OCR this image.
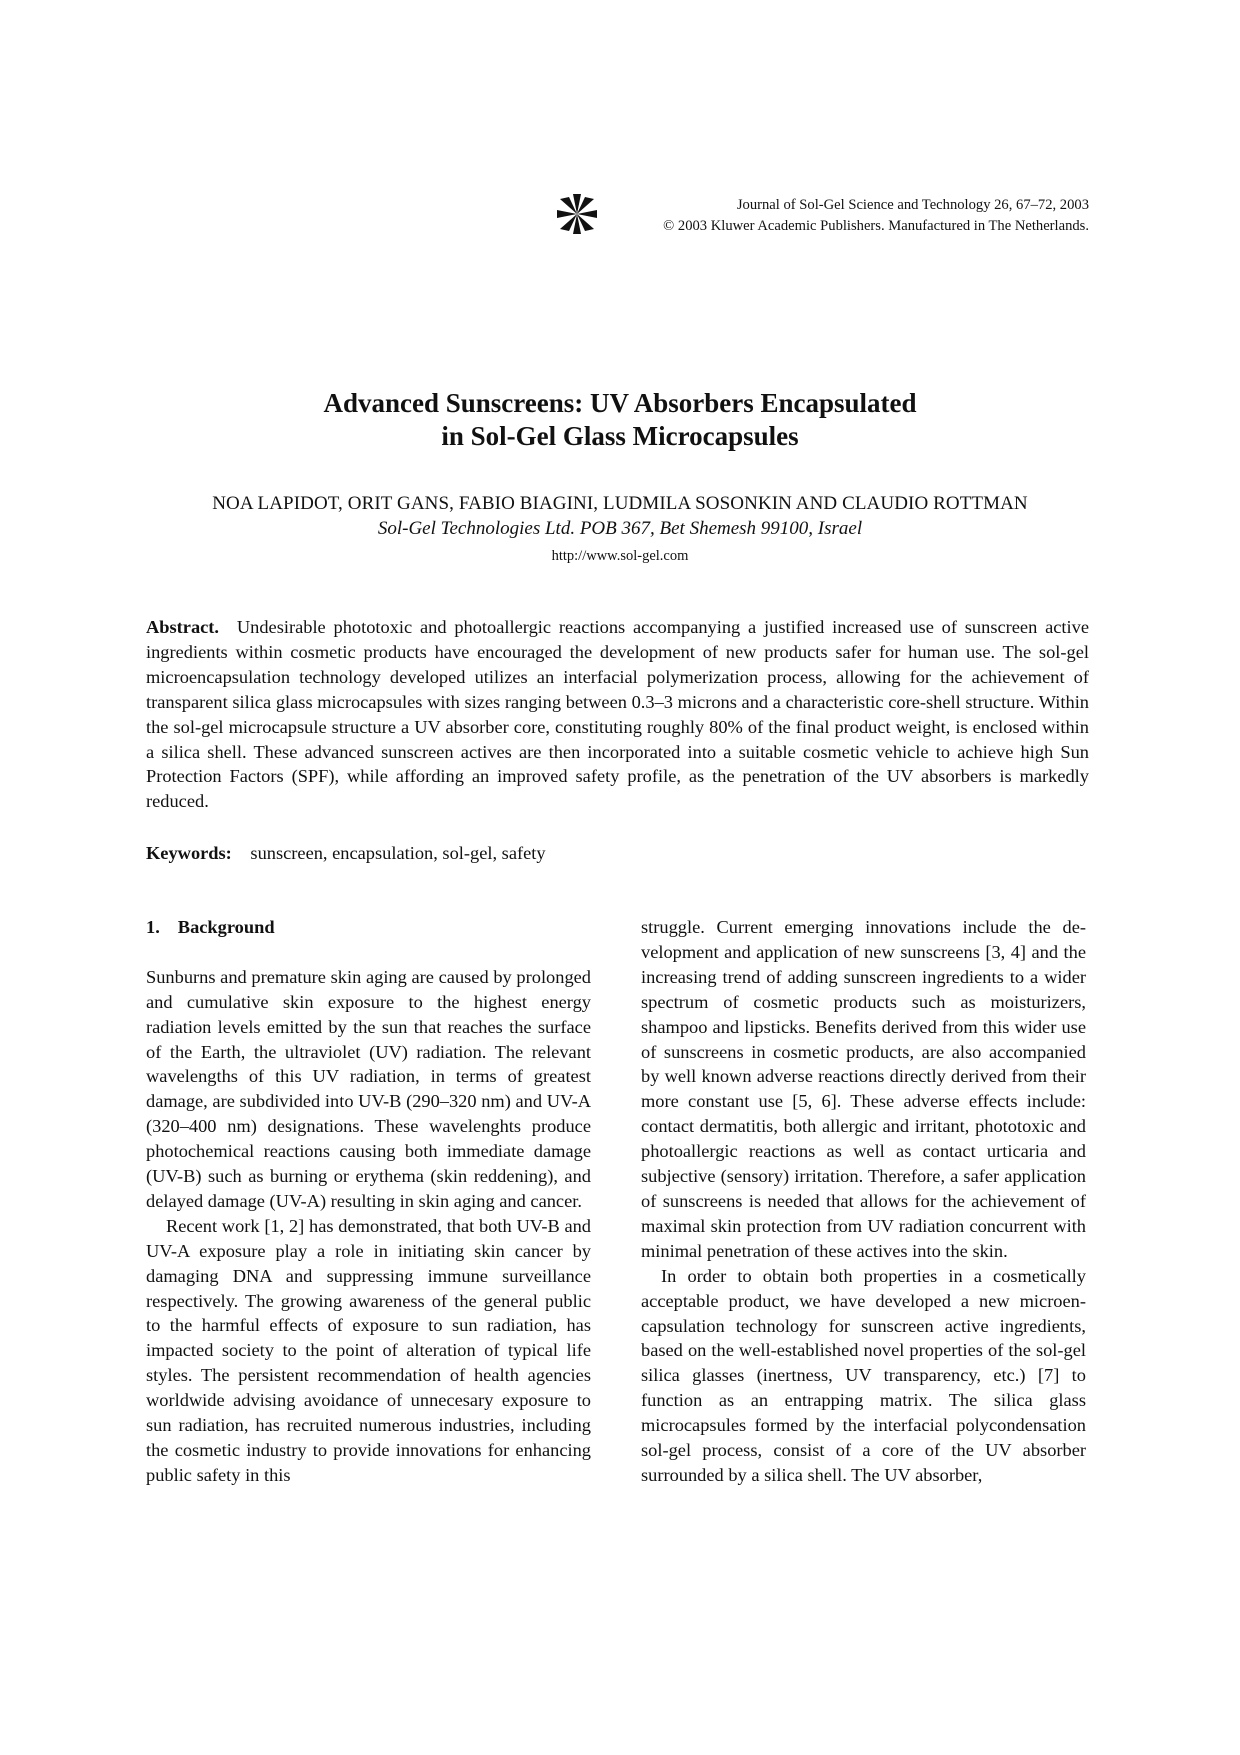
Journal of Sol-Gel Science and Technology 26, 67–72, 2003
© 2003 Kluwer Academic Publishers. Manufactured in The Netherlands.
Advanced Sunscreens: UV Absorbers Encapsulated
in Sol-Gel Glass Microcapsules
NOA LAPIDOT, ORIT GANS, FABIO BIAGINI, LUDMILA SOSONKIN AND CLAUDIO ROTTMAN
Sol-Gel Technologies Ltd. POB 367, Bet Shemesh 99100, Israel
http://www.sol-gel.com
Abstract. Undesirable phototoxic and photoallergic reactions accompanying a justified increased use of sunscreen active ingredients within cosmetic products have encouraged the development of new products safer for human use. The sol-gel microencapsulation technology developed utilizes an interfacial polymerization process, allowing for the achievement of transparent silica glass microcapsules with sizes ranging between 0.3–3 microns and a characteristic core-shell structure. Within the sol-gel microcapsule structure a UV absorber core, constituting roughly 80% of the final product weight, is enclosed within a silica shell. These advanced sunscreen actives are then incorporated into a suitable cosmetic vehicle to achieve high Sun Protection Factors (SPF), while affording an improved safety profile, as the penetration of the UV absorbers is markedly reduced.
Keywords: sunscreen, encapsulation, sol-gel, safety
1. Background

Sunburns and premature skin aging are caused by prolonged and cumulative skin exposure to the highest energy radiation levels emitted by the sun that reaches the surface of the Earth, the ultraviolet (UV) radiation. The relevant wavelengths of this UV radiation, in terms of greatest damage, are subdivided into UV-B (290–320 nm) and UV-A (320–400 nm) designations. These wavelenghts produce photochemical reactions causing both immediate damage (UV-B) such as burning or erythema (skin reddening), and delayed damage (UV-A) resulting in skin aging and cancer.

Recent work [1, 2] has demonstrated, that both UV-B and UV-A exposure play a role in initiating skin cancer by damaging DNA and suppressing immune surveillance respectively. The growing awareness of the general public to the harmful effects of exposure to sun radiation, has impacted society to the point of alteration of typical life styles. The persistent recommendation of health agencies worldwide advising avoidance of unnecesary exposure to sun radiation, has recruited numerous industries, including the cosmetic industry to provide innovations for enhancing public safety in this

struggle. Current emerging innovations include the development and application of new sunscreens [3, 4] and the increasing trend of adding sunscreen ingredients to a wider spectrum of cosmetic products such as moisturizers, shampoo and lipsticks. Benefits derived from this wider use of sunscreens in cosmetic products, are also accompanied by well known adverse reactions directly derived from their more constant use [5, 6]. These adverse effects include: contact dermatitis, both allergic and irritant, phototoxic and photoallergic reactions as well as contact urticaria and subjective (sensory) irritation. Therefore, a safer application of sunscreens is needed that allows for the achievement of maximal skin protection from UV radiation concurrent with minimal penetration of these actives into the skin.

In order to obtain both properties in a cosmetically acceptable product, we have developed a new microencapsulation technology for sunscreen active ingredients, based on the well-established novel properties of the sol-gel silica glasses (inertness, UV transparency, etc.) [7] to function as an entrapping matrix. The silica glass microcapsules formed by the interfacial polycondensation sol-gel process, consist of a core of the UV absorber surrounded by a silica shell. The UV absorber,
